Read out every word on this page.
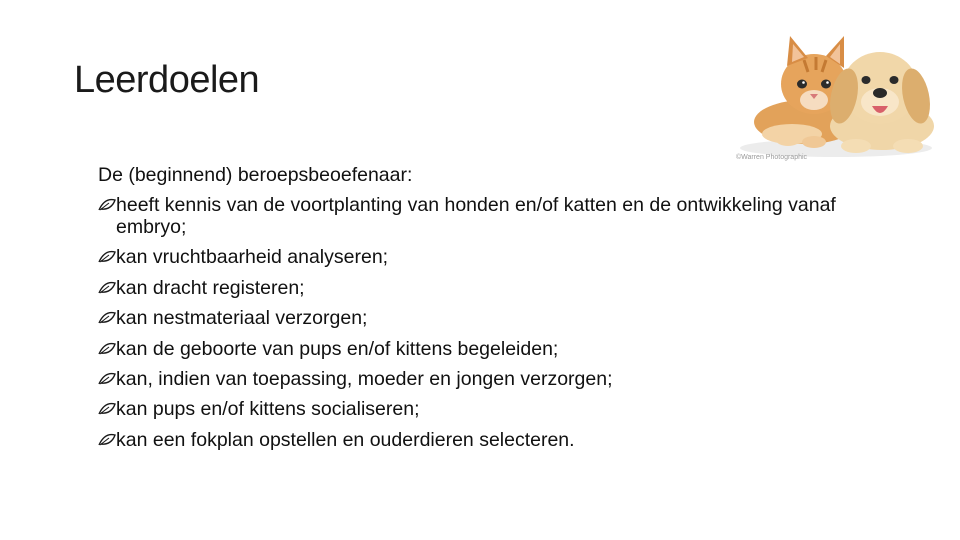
Leerdoelen
©Warren Photographic

De (beginnend) beroepsbeoefenaar:

heeft kennis van de voortplanting van honden en/of katten en de ontwikkeling vanaf embryo;
kan vruchtbaarheid analyseren;
kan dracht registeren;
kan nestmateriaal verzorgen;
kan de geboorte van pups en/of kittens begeleiden;
kan, indien van toepassing, moeder en jongen verzorgen;
kan pups en/of kittens socialiseren;
kan een fokplan opstellen en ouderdieren selecteren.
